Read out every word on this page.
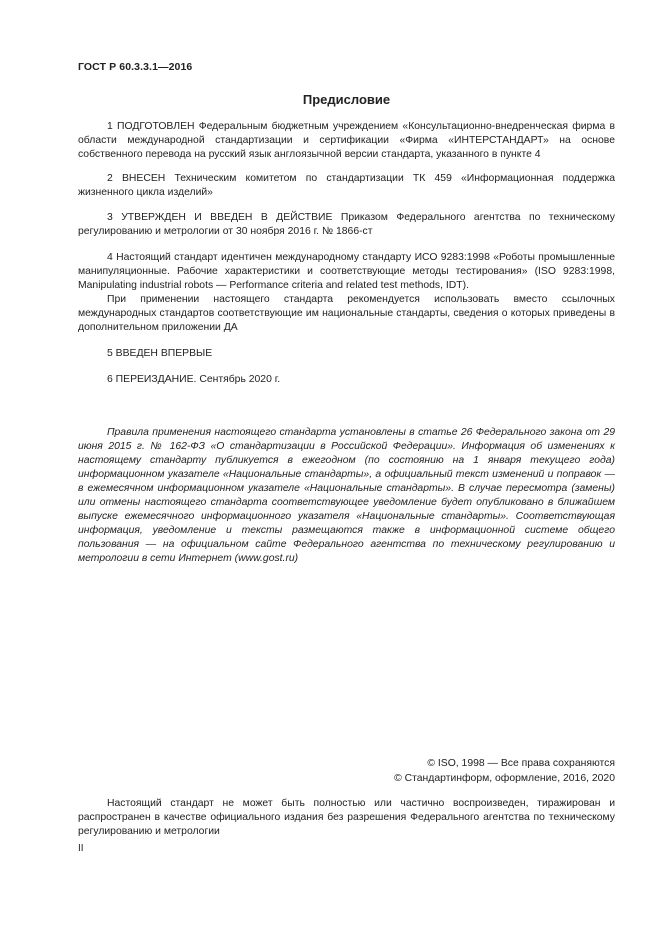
ГОСТ Р 60.3.3.1—2016
Предисловие

1 ПОДГОТОВЛЕН Федеральным бюджетным учреждением «Консультационно-внедренческая фирма в области международной стандартизации и сертификации «Фирма «ИНТЕРСТАНДАРТ» на основе собственного перевода на русский язык англоязычной версии стандарта, указанного в пункте 4

2 ВНЕСЕН Техническим комитетом по стандартизации ТК 459 «Информационная поддержка жизненного цикла изделий»

3 УТВЕРЖДЕН И ВВЕДЕН В ДЕЙСТВИЕ Приказом Федерального агентства по техническому регулированию и метрологии от 30 ноября 2016 г. № 1866-ст

4 Настоящий стандарт идентичен международному стандарту ИСО 9283:1998 «Роботы промышленные манипуляционные. Рабочие характеристики и соответствующие методы тестирования» (ISO 9283:1998, Manipulating industrial robots — Performance criteria and related test methods, IDT).

При применении настоящего стандарта рекомендуется использовать вместо ссылочных международных стандартов соответствующие им национальные стандарты, сведения о которых приведены в дополнительном приложении ДА

5 ВВЕДЕН ВПЕРВЫЕ

6 ПЕРЕИЗДАНИЕ. Сентябрь 2020 г.

Правила применения настоящего стандарта установлены в статье 26 Федерального закона от 29 июня 2015 г. № 162-ФЗ «О стандартизации в Российской Федерации». Информация об изменениях к настоящему стандарту публикуется в ежегодном (по состоянию на 1 января текущего года) информационном указателе «Национальные стандарты», а официальный текст изменений и поправок — в ежемесячном информационном указателе «Национальные стандарты». В случае пересмотра (замены) или отмены настоящего стандарта соответствующее уведомление будет опубликовано в ближайшем выпуске ежемесячного информационного указателя «Национальные стандарты». Соответствующая информация, уведомление и тексты размещаются также в информационной системе общего пользования — на официальном сайте Федерального агентства по техническому регулированию и метрологии в сети Интернет (www.gost.ru)

© ISO, 1998 — Все права сохраняются
© Стандартинформ, оформление, 2016, 2020

Настоящий стандарт не может быть полностью или частично воспроизведен, тиражирован и распространен в качестве официального издания без разрешения Федерального агентства по техническому регулированию и метрологии

II
